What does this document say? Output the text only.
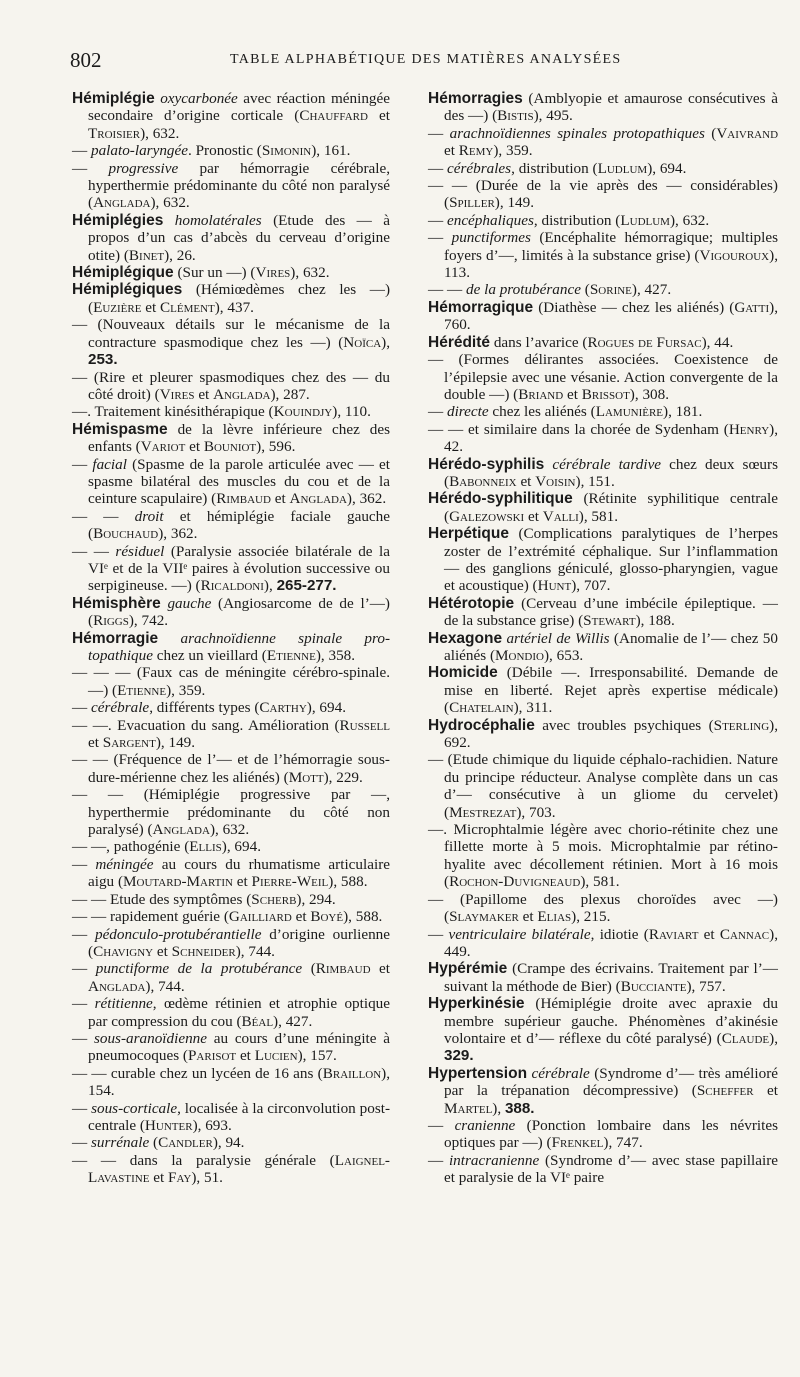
802	TABLE ALPHABÉTIQUE DES MATIÈRES ANALYSÉES

Hémiplégie oxycarbonée avec réaction méningée secondaire d’origine corticale (Chauffard et Troisier), 632.

— palato-laryngée. Pronostic (Simonin), 161.

— progressive par hémorragie cérébrale, hyperthermie prédominante du côté non paralysé (Anglada), 632.

Hémiplégies homolatérales (Etude des — à propos d’un cas d’abcès du cerveau d’origine otite) (Binet), 26.

Hémiplégique (Sur un —) (Vires), 632.

Hémiplégiques (Hémiœdèmes chez les —) (Euzière et Clément), 437.

— (Nouveaux détails sur le mécanisme de la contracture spasmodique chez les —) (Noïca), 253.

— (Rire et pleurer spasmodiques chez des — du côté droit) (Vires et Anglada), 287.

—. Traitement kinésithérapique (Kouindjy), 110.

Hémispasme de la lèvre inférieure chez des enfants (Variot et Bouniot), 596.

— facial (Spasme de la parole articulée avec — et spasme bilatéral des muscles du cou et de la ceinture scapulaire) (Rimbaud et Anglada), 362.

— — droit et hémiplégie faciale gauche (Bouchaud), 362.

— — résiduel (Paralysie associée bilatérale de la VIᵉ et de la VIIᵉ paires à évolution successive ou serpigineuse. —) (Ricaldoni), 265-277.

Hémisphère gauche (Angiosarcome de de l’—) (Riggs), 742.

Hémorragie arachnoïdienne spinale pro-topathique chez un vieillard (Etienne), 358.

— — — (Faux cas de méningite cérébro-spinale. —) (Etienne), 359.

— cérébrale, différents types (Carthy), 694.

— —. Evacuation du sang. Amélioration (Russell et Sargent), 149.

— — (Fréquence de l’— et de l’hémorragie sous-dure-mérienne chez les aliénés) (Mott), 229.

— — (Hémiplégie progressive par —, hyperthermie prédominante du côté non paralysé) (Anglada), 632.

— —, pathogénie (Ellis), 694.

— méningée au cours du rhumatisme articulaire aigu (Moutard-Martin et Pierre-Weil), 588.

— — Etude des symptômes (Scherb), 294.

— — rapidement guérie (Gailliard et Boyé), 588.

— pédonculo-protubérantielle d’origine ourlienne (Chavigny et Schneider), 744.

— punctiforme de la protubérance (Rimbaud et Anglada), 744.

— rétitienne, œdème rétinien et atrophie optique par compression du cou (Béal), 427.

— sous-aranoïdienne au cours d’une méningite à pneumocoques (Parisot et Lucien), 157.

— — curable chez un lycéen de 16 ans (Braillon), 154.

— sous-corticale, localisée à la circonvolution post-centrale (Hunter), 693.

— surrénale (Candler), 94.

— — dans la paralysie générale (Laignel-Lavastine et Fay), 51.

Hémorragies (Amblyopie et amaurose consécutives à des —) (Bistis), 495.

— arachnoïdiennes spinales protopathiques (Vaivrand et Remy), 359.

— cérébrales, distribution (Ludlum), 694.

— — (Durée de la vie après des — considérables) (Spiller), 149.

— encéphaliques, distribution (Ludlum), 632.

— punctiformes (Encéphalite hémorragique; multiples foyers d’—, limités à la substance grise) (Vigouroux), 113.

— — de la protubérance (Sorine), 427.

Hémorragique (Diathèse — chez les aliénés) (Gatti), 760.

Hérédité dans l’avarice (Rogues de Fursac), 44.

— (Formes délirantes associées. Coexistence de l’épilepsie avec une vésanie. Action convergente de la double —) (Briand et Brissot), 308.

— directe chez les aliénés (Lamunière), 181.

— — et similaire dans la chorée de Sydenham (Henry), 42.

Hérédo-syphilis cérébrale tardive chez deux sœurs (Babonneix et Voisin), 151.

Hérédo-syphilitique (Rétinite syphilitique centrale (Galezowski et Valli), 581.

Herpétique (Complications paralytiques de l’herpes zoster de l’extrémité céphalique. Sur l’inflammation — des ganglions géniculé, glosso-pharyngien, vague et acoustique) (Hunt), 707.

Hétérotopie (Cerveau d’une imbécile épileptique. — de la substance grise) (Stewart), 188.

Hexagone artériel de Willis (Anomalie de l’— chez 50 aliénés (Mondio), 653.

Homicide (Débile —. Irresponsabilité. Demande de mise en liberté. Rejet après expertise médicale) (Chatelain), 311.

Hydrocéphalie avec troubles psychiques (Sterling), 692.

— (Etude chimique du liquide céphalo-rachidien. Nature du principe réducteur. Analyse complète dans un cas d’— consécutive à un gliome du cervelet) (Mestrezat), 703.

—. Microphtalmie légère avec chorio-rétinite chez une fillette morte à 5 mois. Microphtalmie par rétino-hyalite avec décollement rétinien. Mort à 16 mois (Rochon-Duvigneaud), 581.

— (Papillome des plexus choroïdes avec —) (Slaymaker et Elias), 215.

— ventriculaire bilatérale, idiotie (Raviart et Cannac), 449.

Hypérémie (Crampe des écrivains. Traitement par l’— suivant la méthode de Bier) (Bucciante), 757.

Hyperkinésie (Hémiplégie droite avec apraxie du membre supérieur gauche. Phénomènes d’akinésie volontaire et d’— réflexe du côté paralysé) (Claude), 329.

Hypertension cérébrale (Syndrome d’— très amélioré par la trépanation décompressive) (Scheffer et Martel), 388.

— cranienne (Ponction lombaire dans les névrites optiques par —) (Frenkel), 747.

— intracranienne (Syndrome d’— avec stase papillaire et paralysie de la VIᵉ paire
